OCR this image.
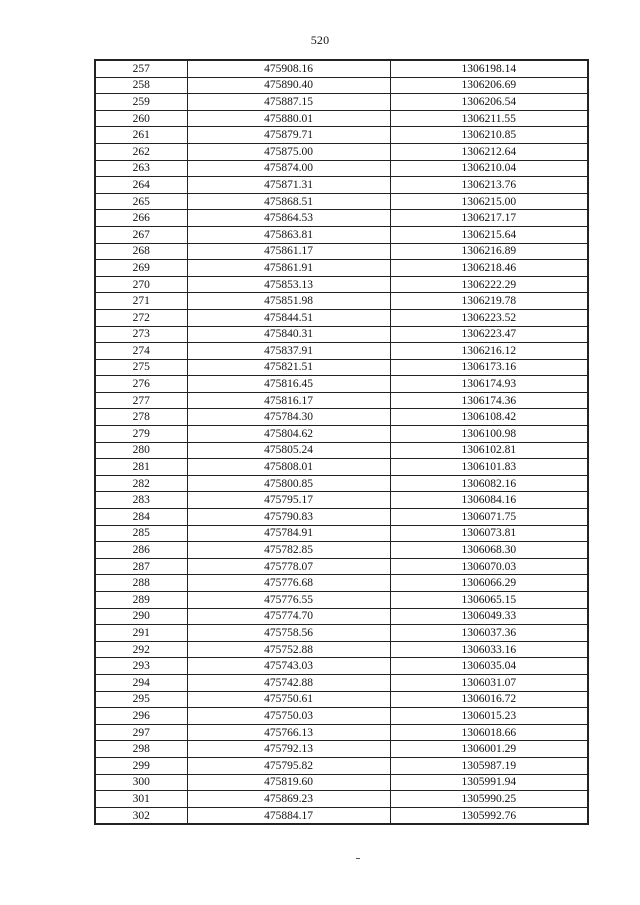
520
257	475908.16	1306198.14
258	475890.40	1306206.69
259	475887.15	1306206.54
260	475880.01	1306211.55
261	475879.71	1306210.85
262	475875.00	1306212.64
263	475874.00	1306210.04
264	475871.31	1306213.76
265	475868.51	1306215.00
266	475864.53	1306217.17
267	475863.81	1306215.64
268	475861.17	1306216.89
269	475861.91	1306218.46
270	475853.13	1306222.29
271	475851.98	1306219.78
272	475844.51	1306223.52
273	475840.31	1306223.47
274	475837.91	1306216.12
275	475821.51	1306173.16
276	475816.45	1306174.93
277	475816.17	1306174.36
278	475784.30	1306108.42
279	475804.62	1306100.98
280	475805.24	1306102.81
281	475808.01	1306101.83
282	475800.85	1306082.16
283	475795.17	1306084.16
284	475790.83	1306071.75
285	475784.91	1306073.81
286	475782.85	1306068.30
287	475778.07	1306070.03
288	475776.68	1306066.29
289	475776.55	1306065.15
290	475774.70	1306049.33
291	475758.56	1306037.36
292	475752.88	1306033.16
293	475743.03	1306035.04
294	475742.88	1306031.07
295	475750.61	1306016.72
296	475750.03	1306015.23
297	475766.13	1306018.66
298	475792.13	1306001.29
299	475795.82	1305987.19
300	475819.60	1305991.94
301	475869.23	1305990.25
302	475884.17	1305992.76
